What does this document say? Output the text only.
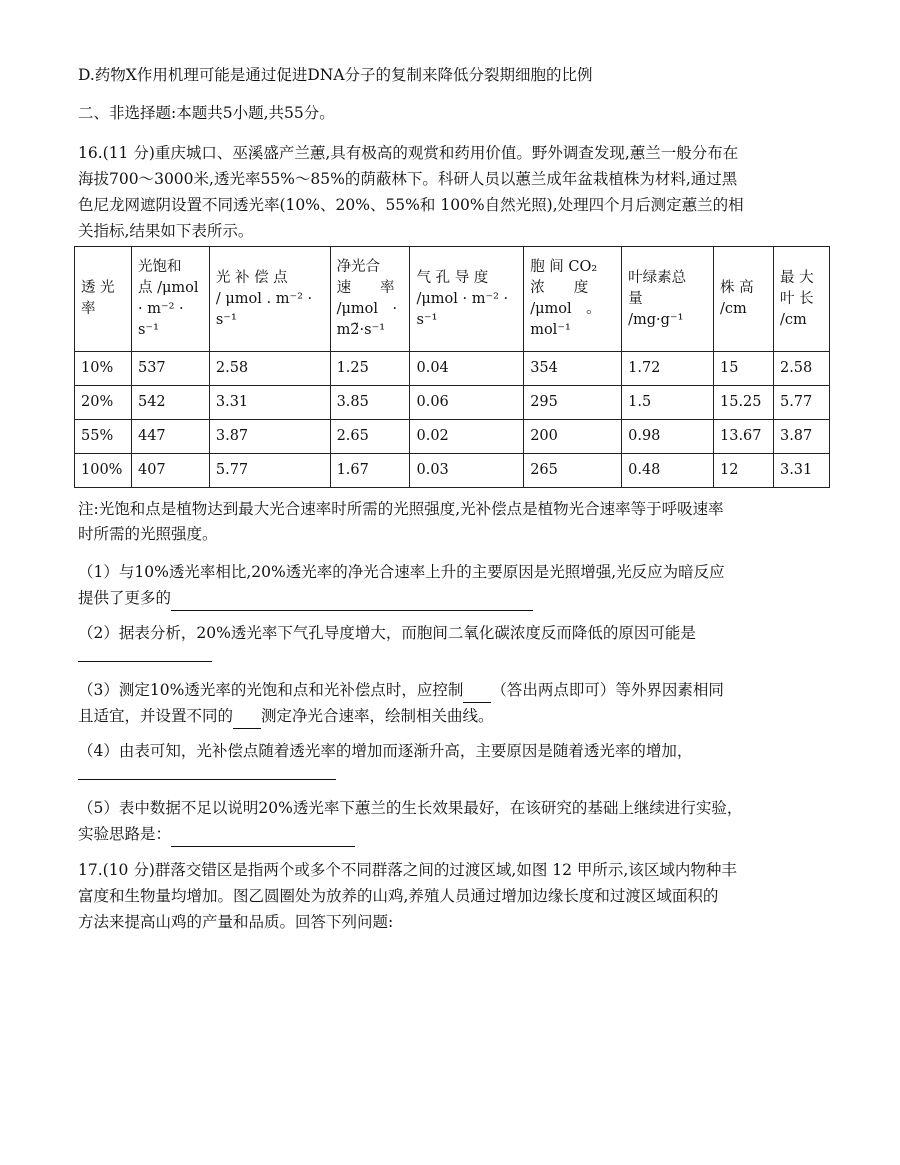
D.药物X作用机理可能是通过促进DNA分子的复制来降低分裂期细胞的比例
二、非选择题:本题共5小题,共55分。
16.(11 分)重庆城口、巫溪盛产兰蕙,具有极高的观赏和药用价值。野外调查发现,蕙兰一般分布在
海拔700～3000米,透光率55%～85%的荫蔽林下。科研人员以蕙兰成年盆栽植株为材料,通过黑
色尼龙网遮阴设置不同透光率(10%、20%、55%和 100%自然光照),处理四个月后测定蕙兰的相
关指标,结果如下表所示。
透 光
率	光饱和
点 /μmol
· m⁻² ·
s⁻¹	光 补 偿 点
/ μmol . m⁻² ·
s⁻¹	净光合
速　　率
/μmol　·
m2̃·s⁻¹	气 孔 导 度
/μmol · m⁻² ·
s⁻¹	胞 间 CO₂
浓　　度
/μmol　。
mol⁻¹	叶绿素总
量
/mg·g⁻¹	株 高
/cm	最 大
叶 长
/cm

10%	537	2.58	1.25	0.04	354	1.72	15	2.58
20%	542	3.31	3.85	0.06	295	1.5	15.25	5.77
55%	447	3.87	2.65	0.02	200	0.98	13.67	3.87
100%	407	5.77	1.67	0.03	265	0.48	12	3.31
注:光饱和点是植物达到最大光合速率时所需的光照强度,光补偿点是植物光合速率等于呼吸速率
时所需的光照强度。
（1）与10%透光率相比,20%透光率的净光合速率上升的主要原因是光照增强,光反应为暗反应
提供了更多的
（2）据表分析，20%透光率下气孔导度增大，而胞间二氧化碳浓度反而降低的原因可能是
（3）测定10%透光率的光饱和点和光补偿点时，应控制 （答出两点即可）等外界因素相同
且适宜，并设置不同的 测定净光合速率，绘制相关曲线。
（4）由表可知，光补偿点随着透光率的增加而逐渐升高，主要原因是随着透光率的增加，
（5）表中数据不足以说明20%透光率下蕙兰的生长效果最好，在该研究的基础上继续进行实验，
实验思路是：
17.(10 分)群落交错区是指两个或多个不同群落之间的过渡区域,如图 12 甲所示,该区域内物种丰
富度和生物量均增加。图乙圆圈处为放养的山鸡,养殖人员通过增加边缘长度和过渡区域面积的
方法来提高山鸡的产量和品质。回答下列问题:
